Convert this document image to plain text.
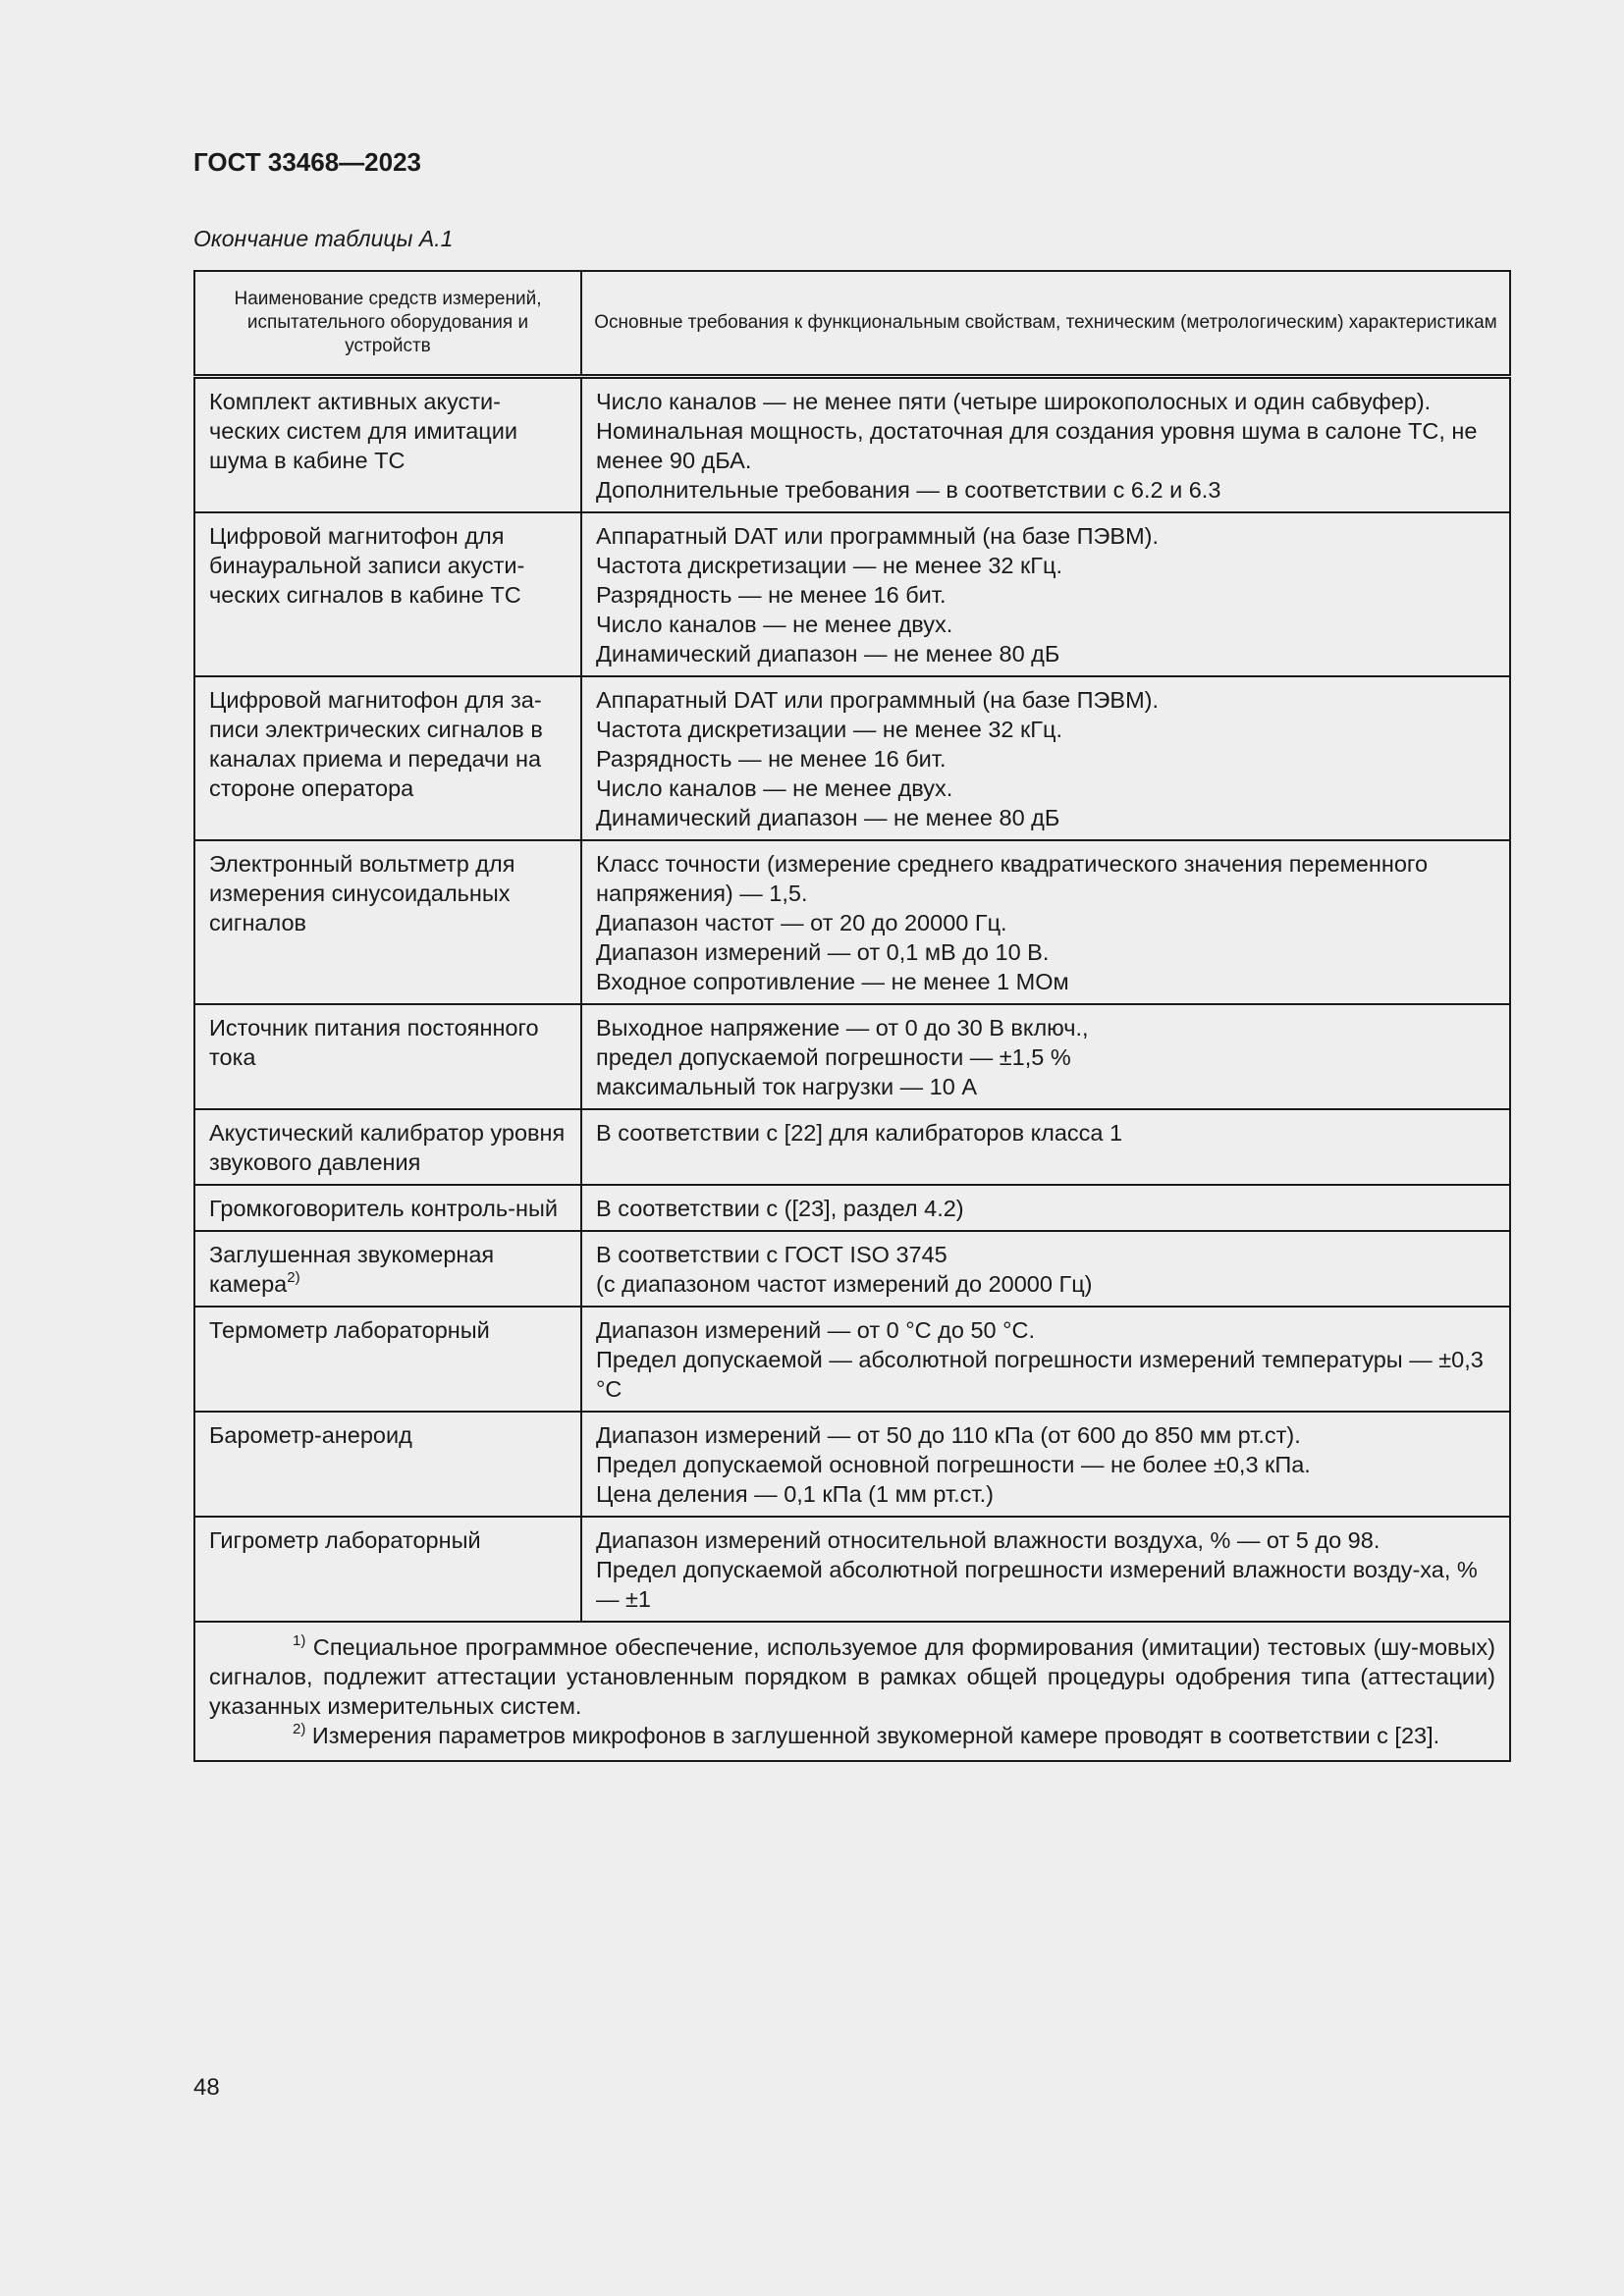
ГОСТ 33468—2023
Окончание таблицы А.1
Наименование средств измерений, испытательного оборудования и устройств	Основные требования к функциональным свойствам, техническим (метрологическим) характеристикам
Комплект активных акусти-ческих систем для имитации шума в кабине ТС	Число каналов — не менее пяти (четыре широкополосных и один сабвуфер).
Номинальная мощность, достаточная для создания уровня шума в салоне ТС, не менее 90 дБА.
Дополнительные требования — в соответствии с 6.2 и 6.3

Цифровой магнитофон для бинауральной записи акусти-ческих сигналов в кабине ТС	Аппаратный DAT или программный (на базе ПЭВМ).
Частота дискретизации — не менее 32 кГц.
Разрядность — не менее 16 бит.
Число каналов — не менее двух.
Динамический диапазон — не менее 80 дБ

Цифровой магнитофон для за-писи электрических сигналов в каналах приема и передачи на стороне оператора	Аппаратный DAT или программный (на базе ПЭВМ).
Частота дискретизации — не менее 32 кГц.
Разрядность — не менее 16 бит.
Число каналов — не менее двух.
Динамический диапазон — не менее 80 дБ

Электронный вольтметр для измерения синусоидальных сигналов	Класс точности (измерение среднего квадратического значения переменного напряжения) — 1,5.
Диапазон частот — от 20 до 20000 Гц.
Диапазон измерений — от 0,1 мВ до 10 В.
Входное сопротивление — не менее 1 МОм

Источник питания постоянного тока	Выходное напряжение — от 0 до 30 В включ.,
предел допускаемой погрешности — ±1,5 %
максимальный ток нагрузки — 10 А

Акустический калибратор уровня звукового давления	В соответствии с [22] для калибраторов класса 1

Громкоговоритель контроль-ный	В соответствии с ([23], раздел 4.2)

Заглушенная звукомерная камера$^{2)}$	В соответствии с ГОСТ ISO 3745
(с диапазоном частот измерений до 20000 Гц)

Термометр лабораторный	Диапазон измерений — от 0 °С до 50 °С.
Предел допускаемой — абсолютной погрешности измерений температуры — ±0,3 °С

Барометр-анероид	Диапазон измерений — от 50 до 110 кПа (от 600 до 850 мм рт.ст).
Предел допускаемой основной погрешности — не более ±0,3 кПа.
Цена деления — 0,1 кПа (1 мм рт.ст.)

Гигрометр лабораторный	Диапазон измерений относительной влажности воздуха, % — от 5 до 98.
Предел допускаемой абсолютной погрешности измерений влажности возду-ха, % — ±1

$^{1)}$ Специальное программное обеспечение, используемое для формирования (имитации) тестовых (шу-мовых) сигналов, подлежит аттестации установленным порядком в рамках общей процедуры одобрения типа (аттестации) указанных измерительных систем.
$^{2)}$ Измерения параметров микрофонов в заглушенной звукомерной камере проводят в соответствии с [23].	
48
